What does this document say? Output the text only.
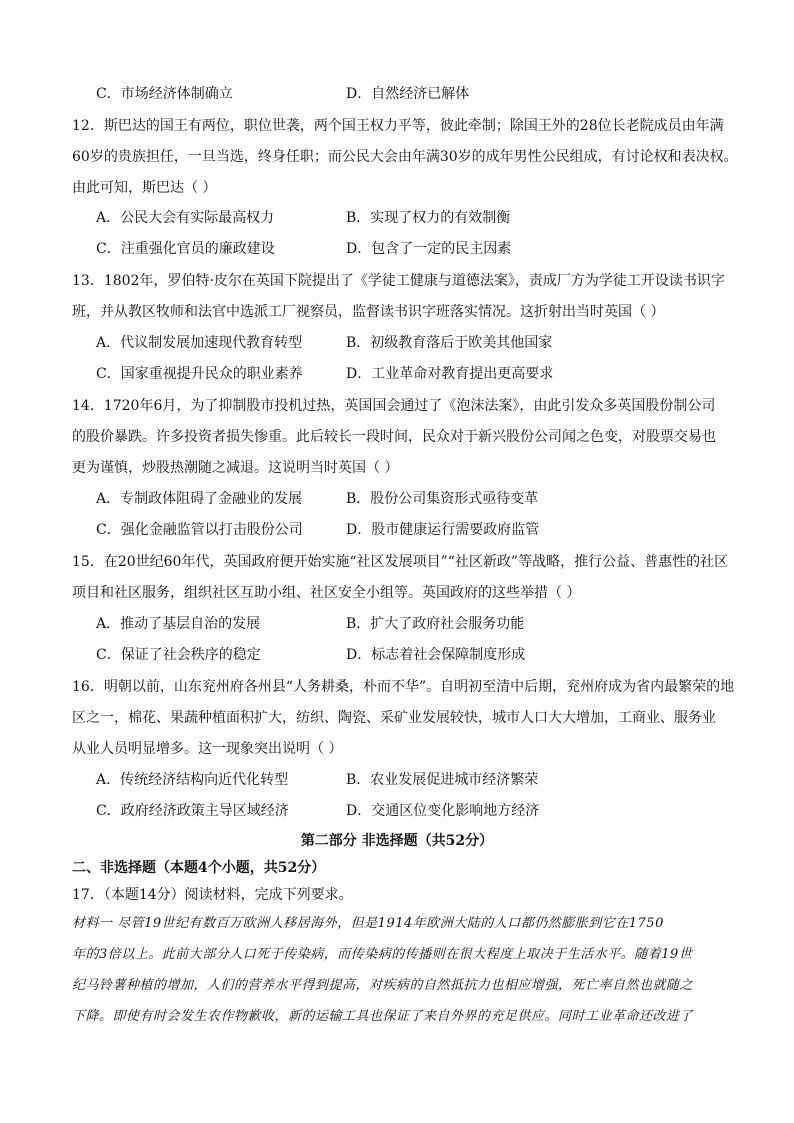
C．市场经济体制确立	D．自然经济已解体
12．斯巴达的国王有两位，职位世袭，两个国王权力平等，彼此牵制；除国王外的28位长老院成员由年满
60岁的贵族担任，一旦当选，终身任职；而公民大会由年满30岁的成年男性公民组成，有讨论权和表决权。
由此可知，斯巴达（ ）
A．公民大会有实际最高权力	B．实现了权力的有效制衡
C．注重强化官员的廉政建设	D．包含了一定的民主因素
13．1802年，罗伯特·皮尔在英国下院提出了《学徒工健康与道德法案》，责成厂方为学徒工开设读书识字
班，并从教区牧师和法官中选派工厂视察员，监督读书识字班落实情况。这折射出当时英国（ ）
A．代议制发展加速现代教育转型	B．初级教育落后于欧美其他国家
C．国家重视提升民众的职业素养	D．工业革命对教育提出更高要求
14．1720年6月，为了抑制股市投机过热，英国国会通过了《泡沫法案》，由此引发众多英国股份制公司
的股价暴跌。许多投资者损失惨重。此后较长一段时间，民众对于新兴股份公司闻之色变，对股票交易也
更为谨慎，炒股热潮随之减退。这说明当时英国（ ）
A．专制政体阻碍了金融业的发展	B．股份公司集资形式亟待变革
C．强化金融监管以打击股份公司	D．股市健康运行需要政府监管
15．在20世纪60年代，英国政府便开始实施“社区发展项目”“社区新政”等战略，推行公益、普惠性的社区
项目和社区服务，组织社区互助小组、社区安全小组等。英国政府的这些举措（ ）
A．推动了基层自治的发展	B．扩大了政府社会服务功能
C．保证了社会秩序的稳定	D．标志着社会保障制度形成
16．明朝以前，山东兖州府各州县“人务耕桑，朴而不华”。自明初至清中后期，兖州府成为省内最繁荣的地
区之一，棉花、果蔬种植面积扩大，纺织、陶瓷、采矿业发展较快，城市人口大大增加，工商业、服务业
从业人员明显增多。这一现象突出说明（ ）
A．传统经济结构向近代化转型	B．农业发展促进城市经济繁荣
C．政府经济政策主导区域经济	D．交通区位变化影响地方经济
第二部分 非选择题（共52分）
二、非选择题（本题4个小题，共52分）
17．（本题14分）阅读材料，完成下列要求。
材料一 尽管19世纪有数百万欧洲人移居海外，但是1914年欧洲大陆的人口都仍然膨胀到它在1750
年的3倍以上。此前大部分人口死于传染病，而传染病的传播则在很大程度上取决于生活水平。随着19世
纪马铃薯种植的增加，人们的营养水平得到提高，对疾病的自然抵抗力也相应增强，死亡率自然也就随之
下降。即使有时会发生农作物歉收，新的运输工具也保证了来自外界的充足供应。同时工业革命还改进了
